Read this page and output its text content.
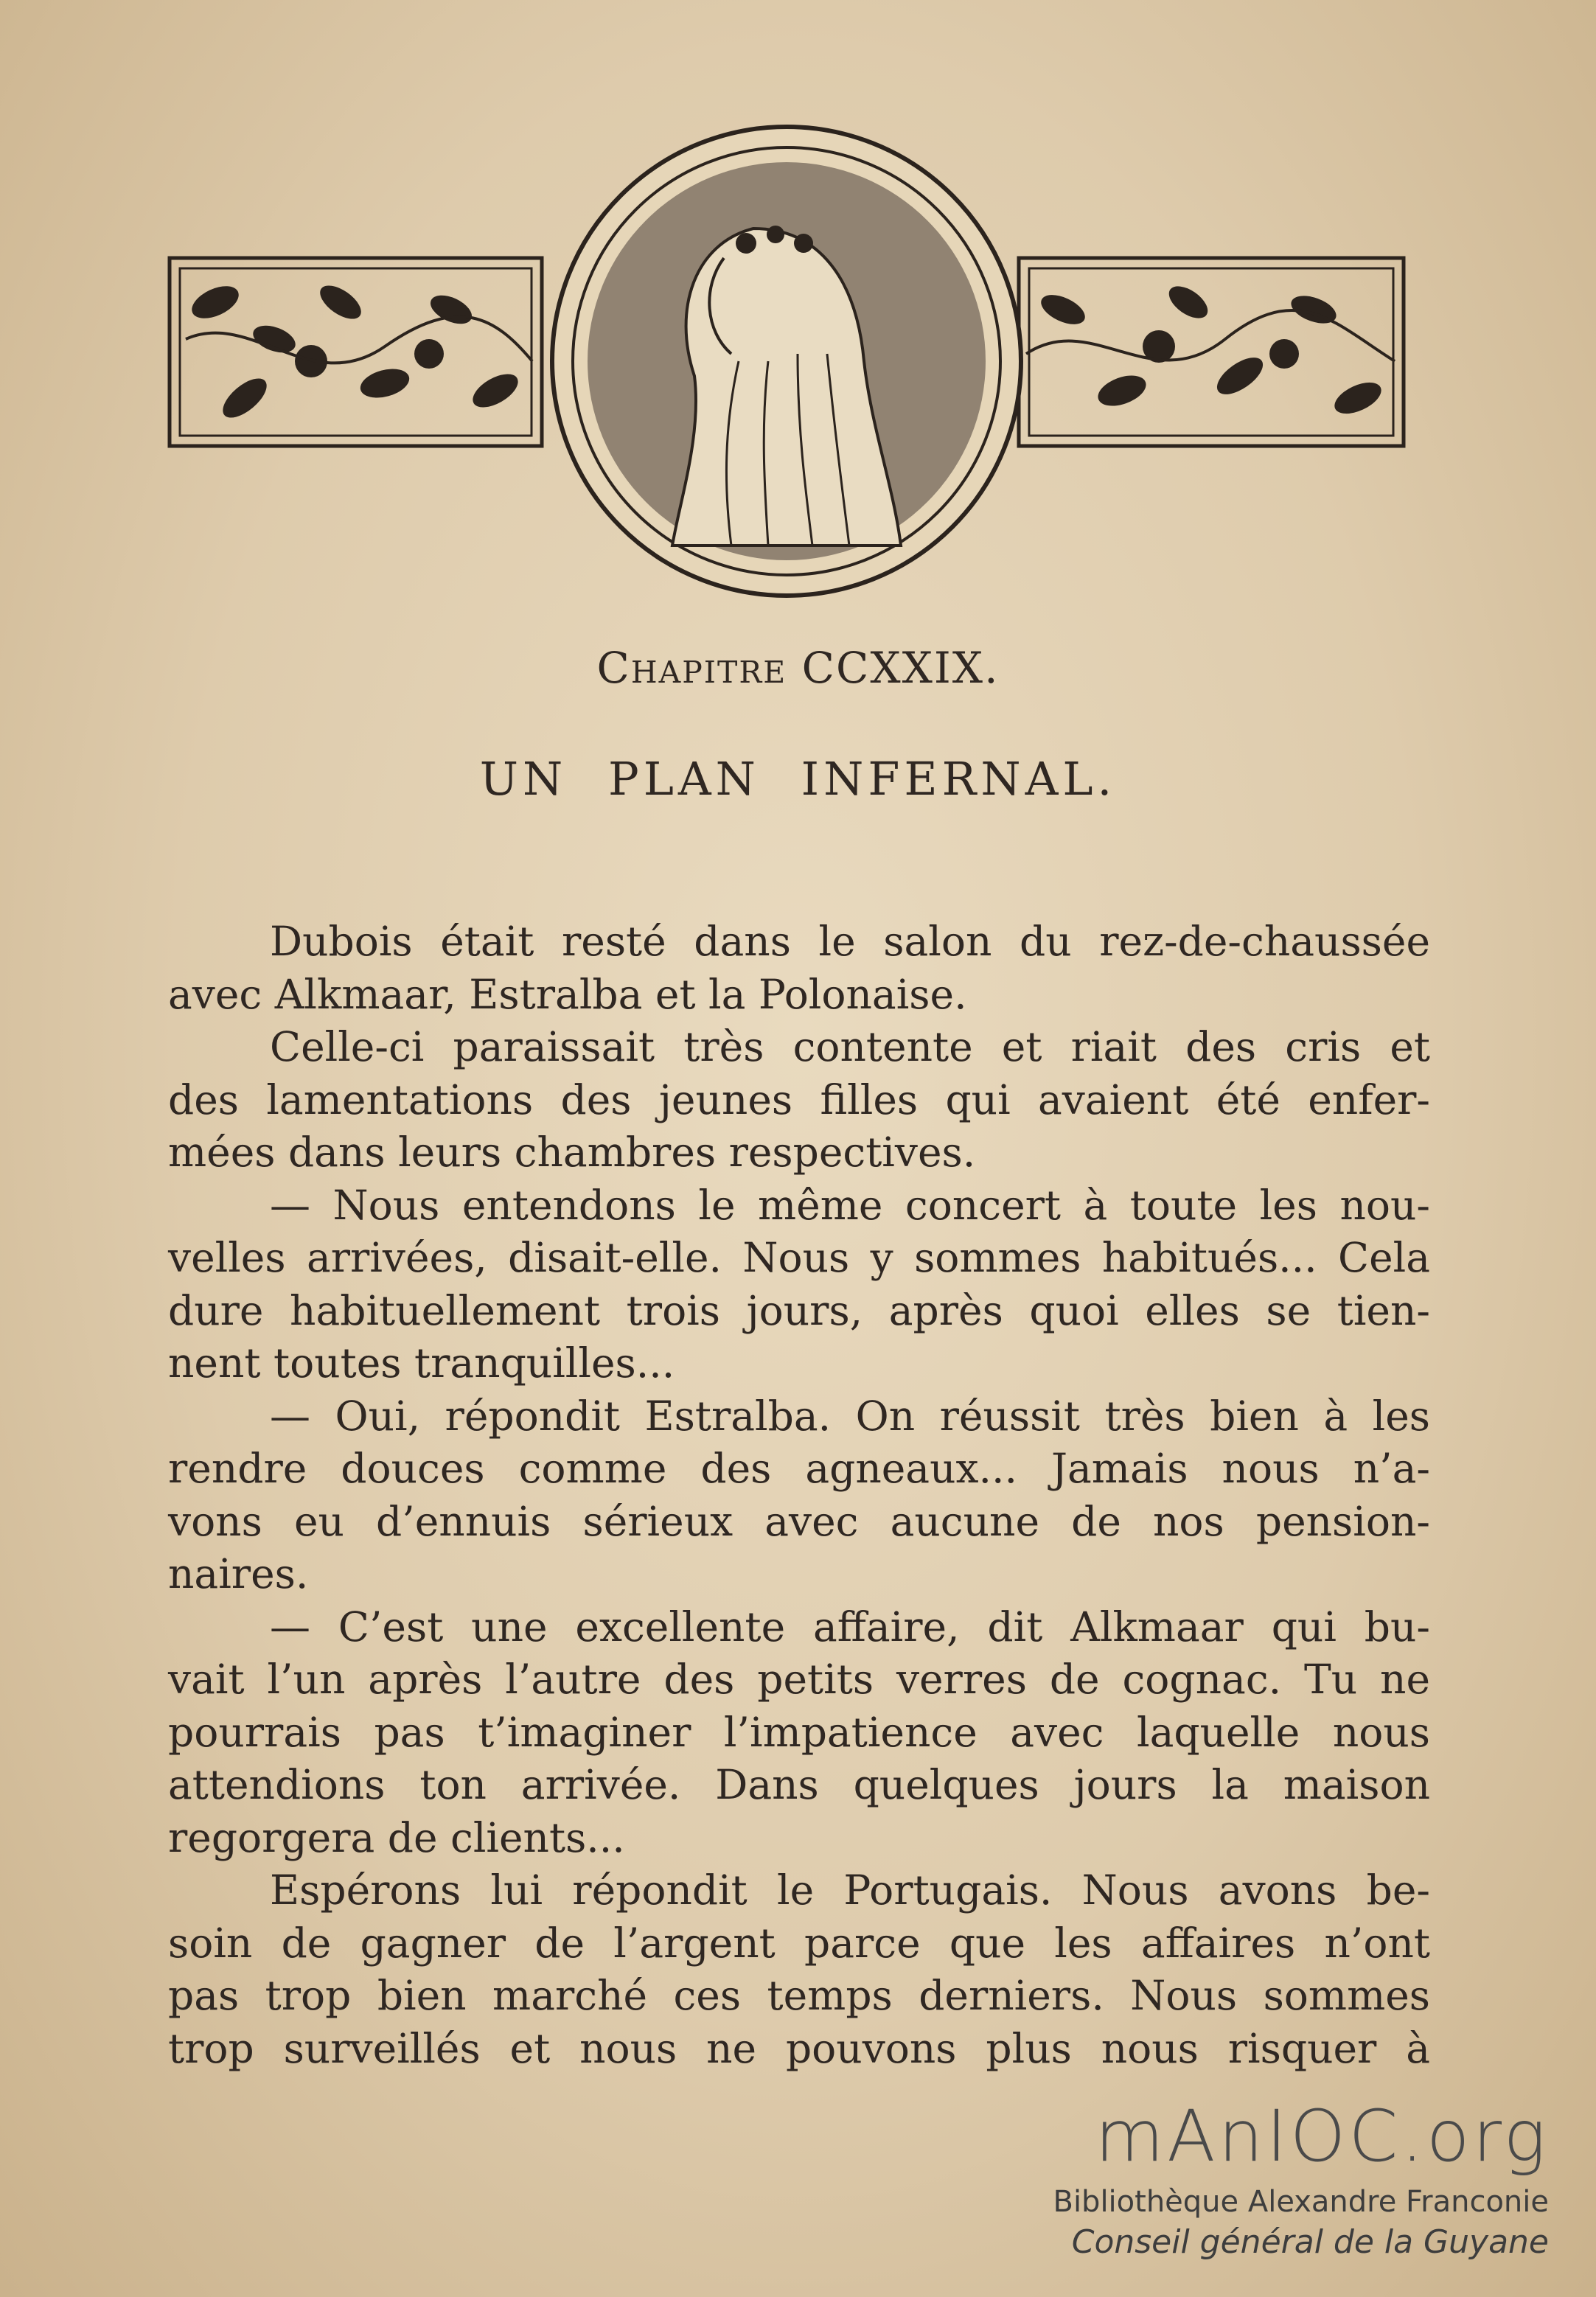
Chapitre CCXXIX.
UN PLAN INFERNAL.
Dubois était resté dans le salon du rez-de-chaussée
avec Alkmaar, Estralba et la Polonaise.
Celle-ci paraissait très contente et riait des cris et
des lamentations des jeunes filles qui avaient été enfer-
mées dans leurs chambres respectives.
— Nous entendons le même concert à toute les nou-
velles arrivées, disait-elle. Nous y sommes habitués... Cela
dure habituellement trois jours, après quoi elles se tien-
nent toutes tranquilles...
— Oui, répondit Estralba. On réussit très bien à les
rendre douces comme des agneaux... Jamais nous n’a-
vons eu d’ennuis sérieux avec aucune de nos pension-
naires.
— C’est une excellente affaire, dit Alkmaar qui bu-
vait l’un après l’autre des petits verres de cognac. Tu ne
pourrais pas t’imaginer l’impatience avec laquelle nous
attendions ton arrivée. Dans quelques jours la maison
regorgera de clients...
Espérons lui répondit le Portugais. Nous avons be-
soin de gagner de l’argent parce que les affaires n’ont
pas trop bien marché ces temps derniers. Nous sommes
trop surveillés et nous ne pouvons plus nous risquer à
mAnIOC.org
Bibliothèque Alexandre Franconie
Conseil général de la Guyane
